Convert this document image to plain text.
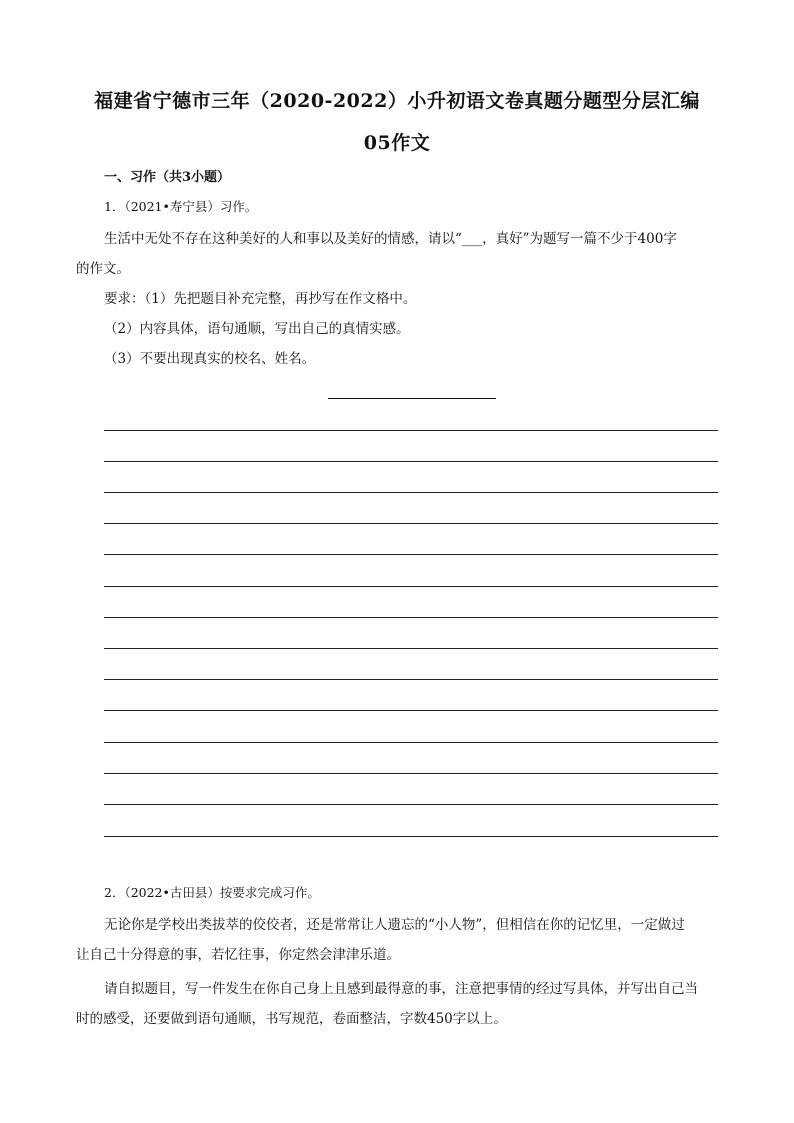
福建省宁德市三年（2020-2022）小升初语文卷真题分题型分层汇编
05作文
一、习作（共3小题）
1．（2021•寿宁县）习作。
生活中无处不存在这种美好的人和事以及美好的情感，请以“___，真好”为题写一篇不少于400字
的作文。
要求：（1）先把题目补充完整，再抄写在作文格中。
（2）内容具体，语句通顺，写出自己的真情实感。
（3）不要出现真实的校名、姓名。
2．（2022•古田县）按要求完成习作。
无论你是学校出类拔萃的佼佼者，还是常常让人遗忘的“小人物”，但相信在你的记忆里，一定做过
让自己十分得意的事，若忆往事，你定然会津津乐道。
请自拟题目，写一件发生在你自己身上且感到最得意的事，注意把事情的经过写具体，并写出自己当
时的感受，还要做到语句通顺，书写规范，卷面整洁，字数450字以上。
